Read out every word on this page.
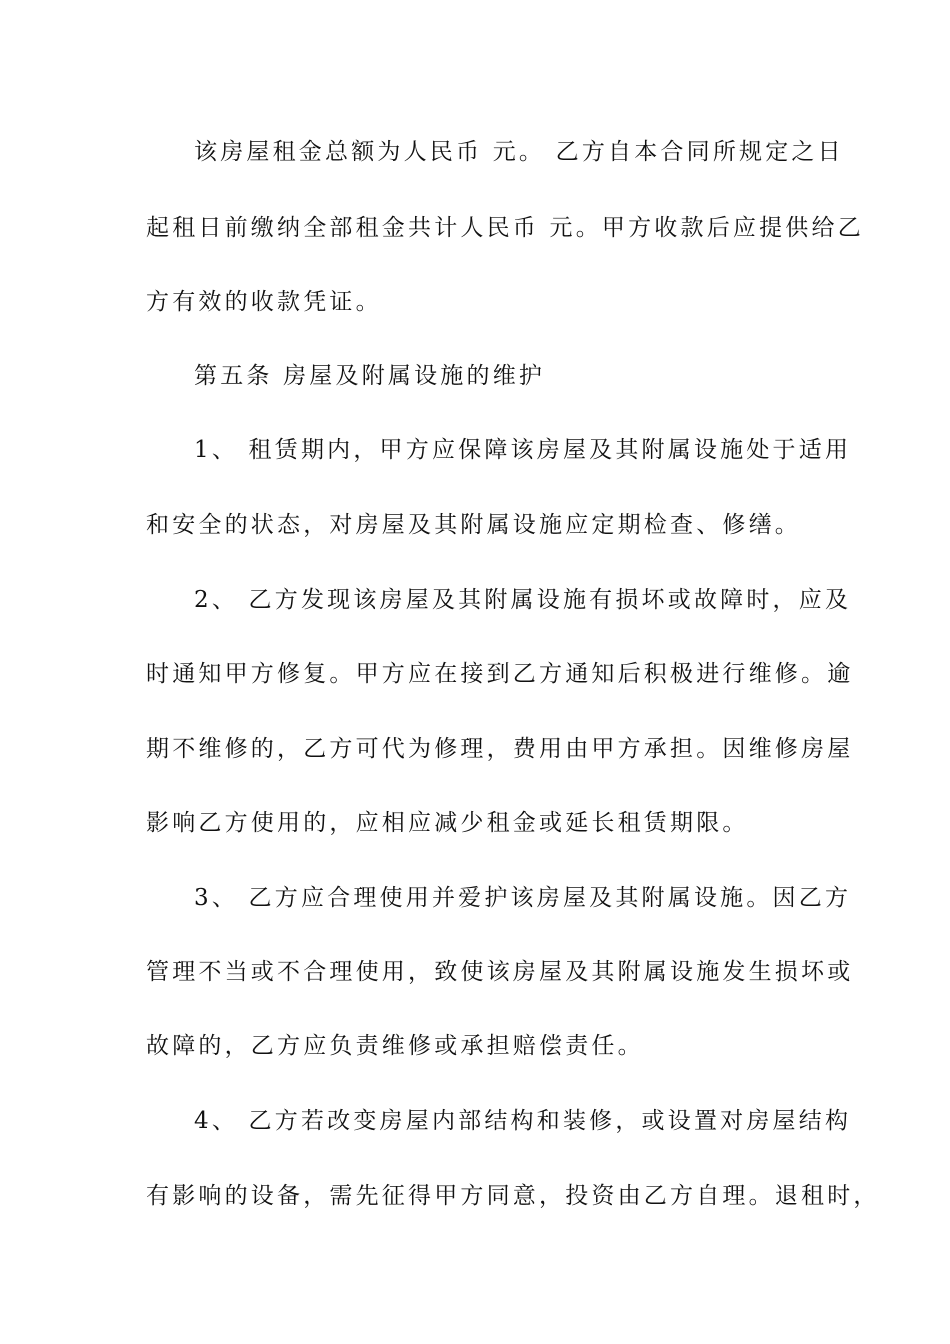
该房屋租金总额为人民币 元。 乙方自本合同所规定之日
起租日前缴纳全部租金共计人民币 元。甲方收款后应提供给乙
方有效的收款凭证。
第五条 房屋及附属设施的维护
1、 租赁期内，甲方应保障该房屋及其附属设施处于适用
和安全的状态，对房屋及其附属设施应定期检查、修缮。
2、 乙方发现该房屋及其附属设施有损坏或故障时，应及
时通知甲方修复。甲方应在接到乙方通知后积极进行维修。逾
期不维修的，乙方可代为修理，费用由甲方承担。因维修房屋
影响乙方使用的，应相应减少租金或延长租赁期限。
3、 乙方应合理使用并爱护该房屋及其附属设施。因乙方
管理不当或不合理使用，致使该房屋及其附属设施发生损坏或
故障的，乙方应负责维修或承担赔偿责任。
4、 乙方若改变房屋内部结构和装修，或设置对房屋结构
有影响的设备，需先征得甲方同意，投资由乙方自理。退租时，
